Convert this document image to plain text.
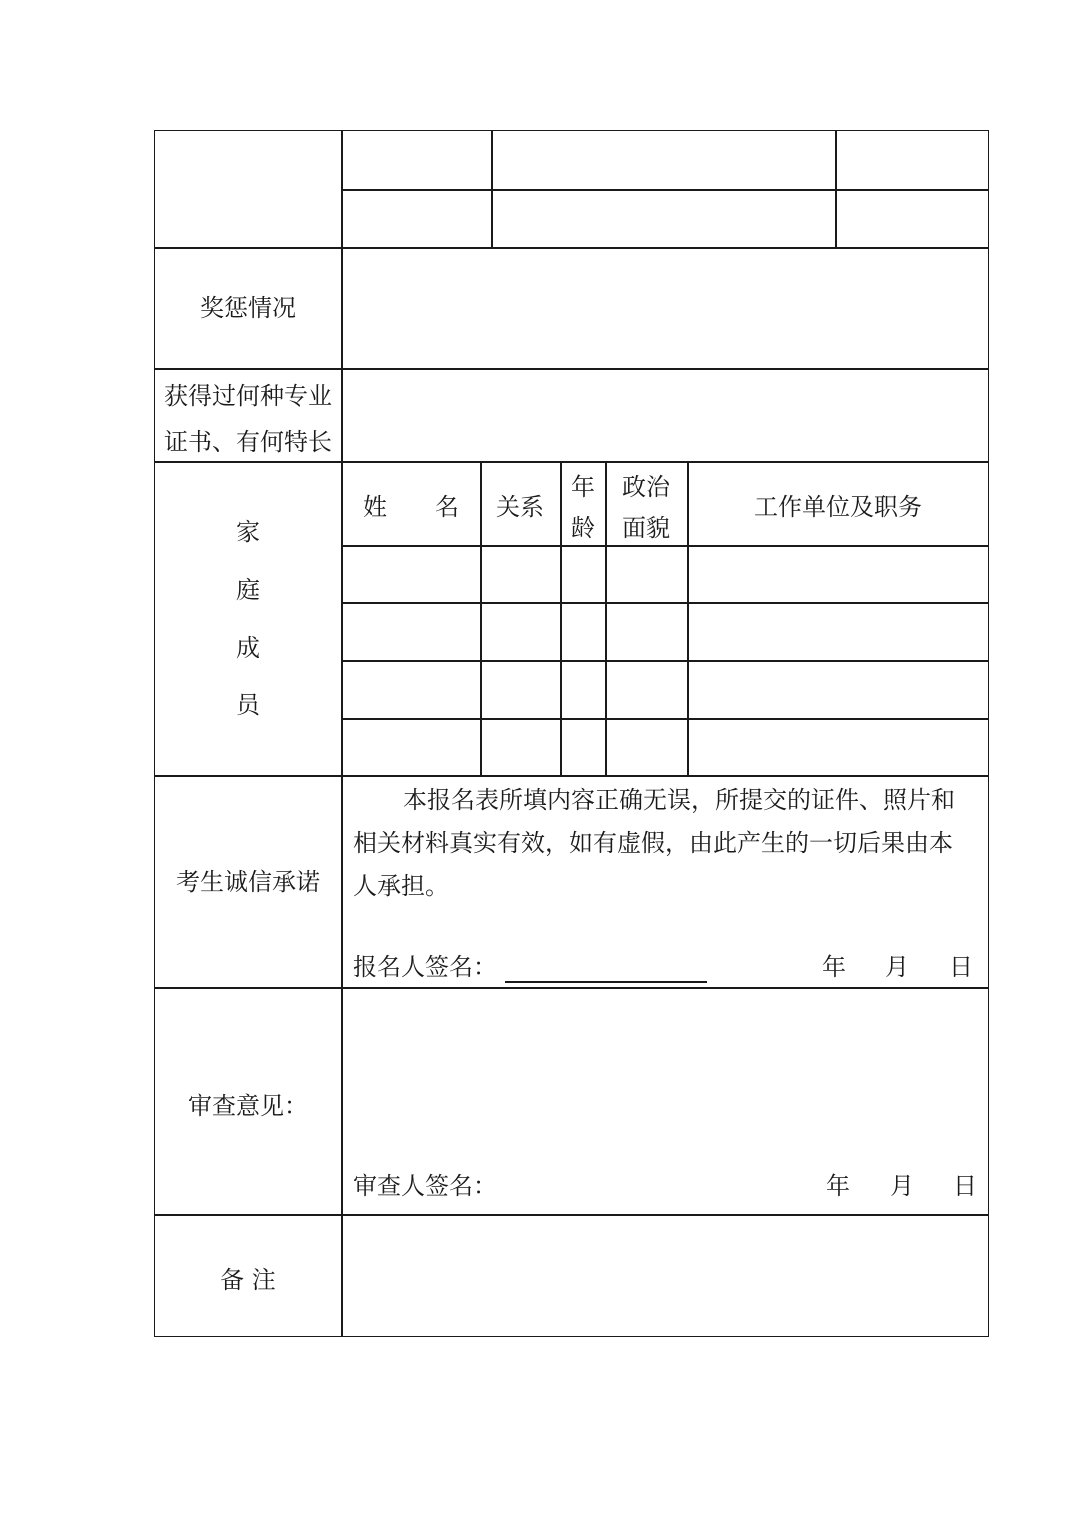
奖惩情况
获得过何种专业
证书、有何特长
家
庭
成
员
考生诚信承诺
审查意见：
备 注
姓　　名 关系
年
龄
政治
面貌
工作单位及职务
本报名表所填内容正确无误，所提交的证件、照片和
相关材料真实有效，如有虚假，由此产生的一切后果由本
人承担。
报名人签名：	年 月 日
审查人签名：	年 月 日
